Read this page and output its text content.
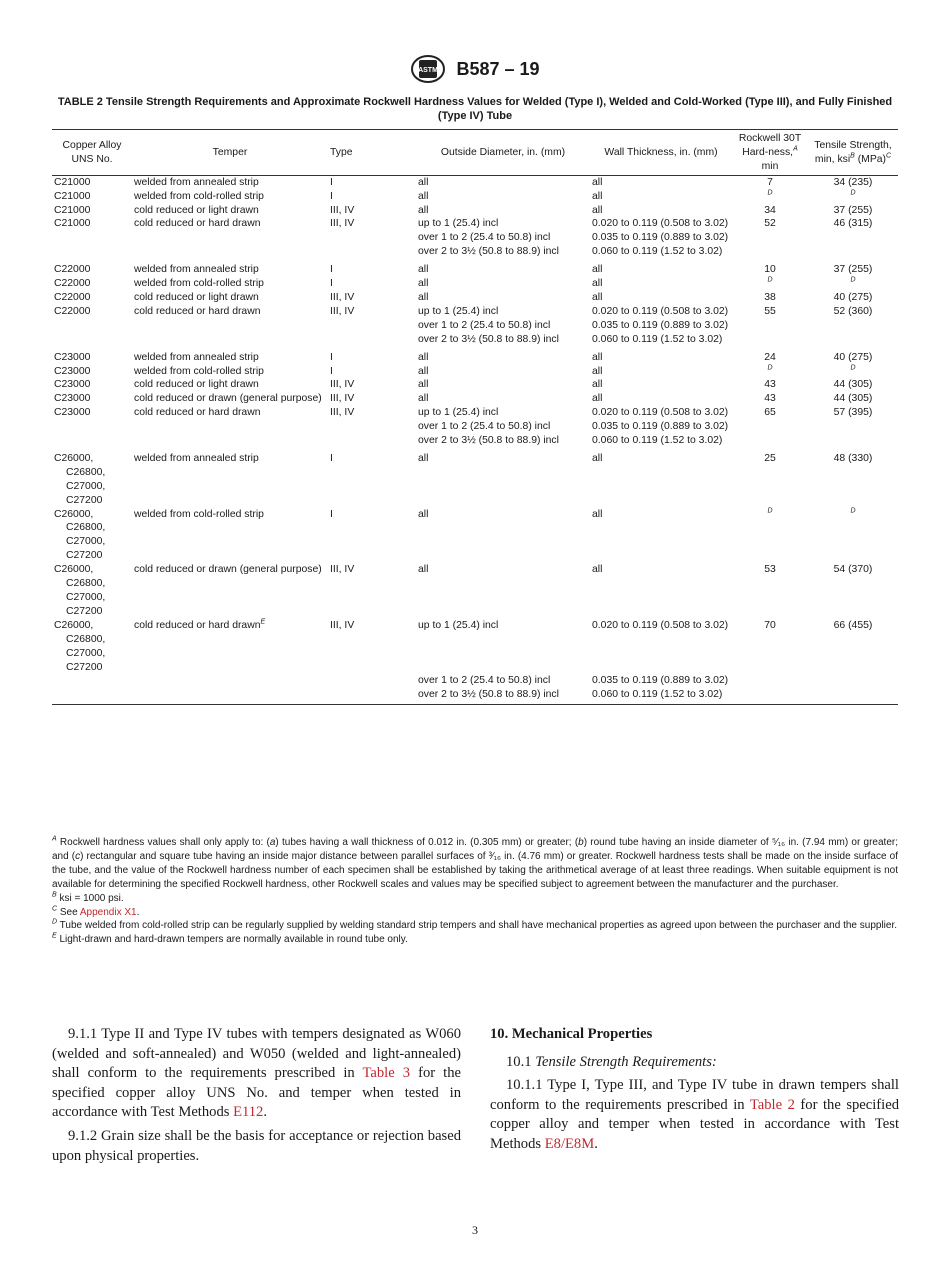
ASTM B587 – 19
TABLE 2 Tensile Strength Requirements and Approximate Rockwell Hardness Values for Welded (Type I), Welded and Cold-Worked (Type III), and Fully Finished (Type IV) Tube
Copper Alloy UNS No.	Temper	Type	Outside Diameter, in. (mm)	Wall Thickness, in. (mm)	Rockwell 30T Hard-ness,$^A$ min	Tensile Strength, min, ksi$^B$ (MPa)$^C$

C21000	welded from annealed strip	I	all	all	7	34 (235)

C21000	welded from cold-rolled strip	I	all	all	$^D$	$^D$

C21000	cold reduced or light drawn	III, IV	all	all	34	37 (255)

C21000	cold reduced or hard drawn	III, IV	up to 1 (25.4) incl	0.020 to 0.119 (0.508 to 3.02)	52	46 (315)

		over 1 to 2 (25.4 to 50.8) incl	0.035 to 0.119 (0.889 to 3.02)		

		over 2 to 3½ (50.8 to 88.9) incl	0.060 to 0.119 (1.52 to 3.02)		

C22000	welded from annealed strip	I	all	all	10	37 (255)

C22000	welded from cold-rolled strip	I	all	all	$^D$	$^D$

C22000	cold reduced or light drawn	III, IV	all	all	38	40 (275)

C22000	cold reduced or hard drawn	III, IV	up to 1 (25.4) incl	0.020 to 0.119 (0.508 to 3.02)	55	52 (360)

		over 1 to 2 (25.4 to 50.8) incl	0.035 to 0.119 (0.889 to 3.02)		

		over 2 to 3½ (50.8 to 88.9) incl	0.060 to 0.119 (1.52 to 3.02)		

C23000	welded from annealed strip	I	all	all	24	40 (275)

C23000	welded from cold-rolled strip	I	all	all	$^D$	$^D$

C23000	cold reduced or light drawn	III, IV	all	all	43	44 (305)

C23000	cold reduced or drawn (general purpose)	III, IV	all	all	43	44 (305)

C23000	cold reduced or hard drawn	III, IV	up to 1 (25.4) incl	0.020 to 0.119 (0.508 to 3.02)	65	57 (395)

		over 1 to 2 (25.4 to 50.8) incl	0.035 to 0.119 (0.889 to 3.02)		

		over 2 to 3½ (50.8 to 88.9) incl	0.060 to 0.119 (1.52 to 3.02)		

C26000, C26800, C27000, C27200	welded from annealed strip	I	all	all	25	48 (330)

C26000, C26800, C27000, C27200	welded from cold-rolled strip	I	all	all	$^D$	$^D$

C26000, C26800, C27000, C27200	cold reduced or drawn (general purpose)	III, IV	all	all	53	54 (370)

C26000, C26800, C27000, C27200	cold reduced or hard drawn$^E$	III, IV	up to 1 (25.4) incl	0.020 to 0.119 (0.508 to 3.02)	70	66 (455)

		over 1 to 2 (25.4 to 50.8) incl	0.035 to 0.119 (0.889 to 3.02)		

		over 2 to 3½ (50.8 to 88.9) incl	0.060 to 0.119 (1.52 to 3.02)		

$^A$ Rockwell hardness values shall only apply to: (a) tubes having a wall thickness of 0.012 in. (0.305 mm) or greater; (b) round tube having an inside diameter of ⁵⁄₁₆ in. (7.94 mm) or greater; and (c) rectangular and square tube having an inside major distance between parallel surfaces of ³⁄₁₆ in. (4.76 mm) or greater. Rockwell hardness tests shall be made on the inside surface of the tube, and the value of the Rockwell hardness number of each specimen shall be established by taking the arithmetical average of at least three readings. When suitable equipment is not available for determining the specified Rockwell hardness, other Rockwell scales and values may be specified subject to agreement between the manufacturer and the purchaser.

$^B$ ksi = 1000 psi.

$^C$ See Appendix X1.

$^D$ Tube welded from cold-rolled strip can be regularly supplied by welding standard strip tempers and shall have mechanical properties as agreed upon between the purchaser and the supplier.

$^E$ Light-drawn and hard-drawn tempers are normally available in round tube only.

9.1.1 Type II and Type IV tubes with tempers designated as W060 (welded and soft-annealed) and W050 (welded and light-annealed) shall conform to the requirements prescribed in Table 3 for the specified copper alloy UNS No. and temper when tested in accordance with Test Methods E112.

9.1.2 Grain size shall be the basis for acceptance or rejection based upon physical properties.

10. Mechanical Properties

10.1 Tensile Strength Requirements:

10.1.1 Type I, Type III, and Type IV tube in drawn tempers shall conform to the requirements prescribed in Table 2 for the specified copper alloy and temper when tested in accordance with Test Methods E8/E8M.

3
